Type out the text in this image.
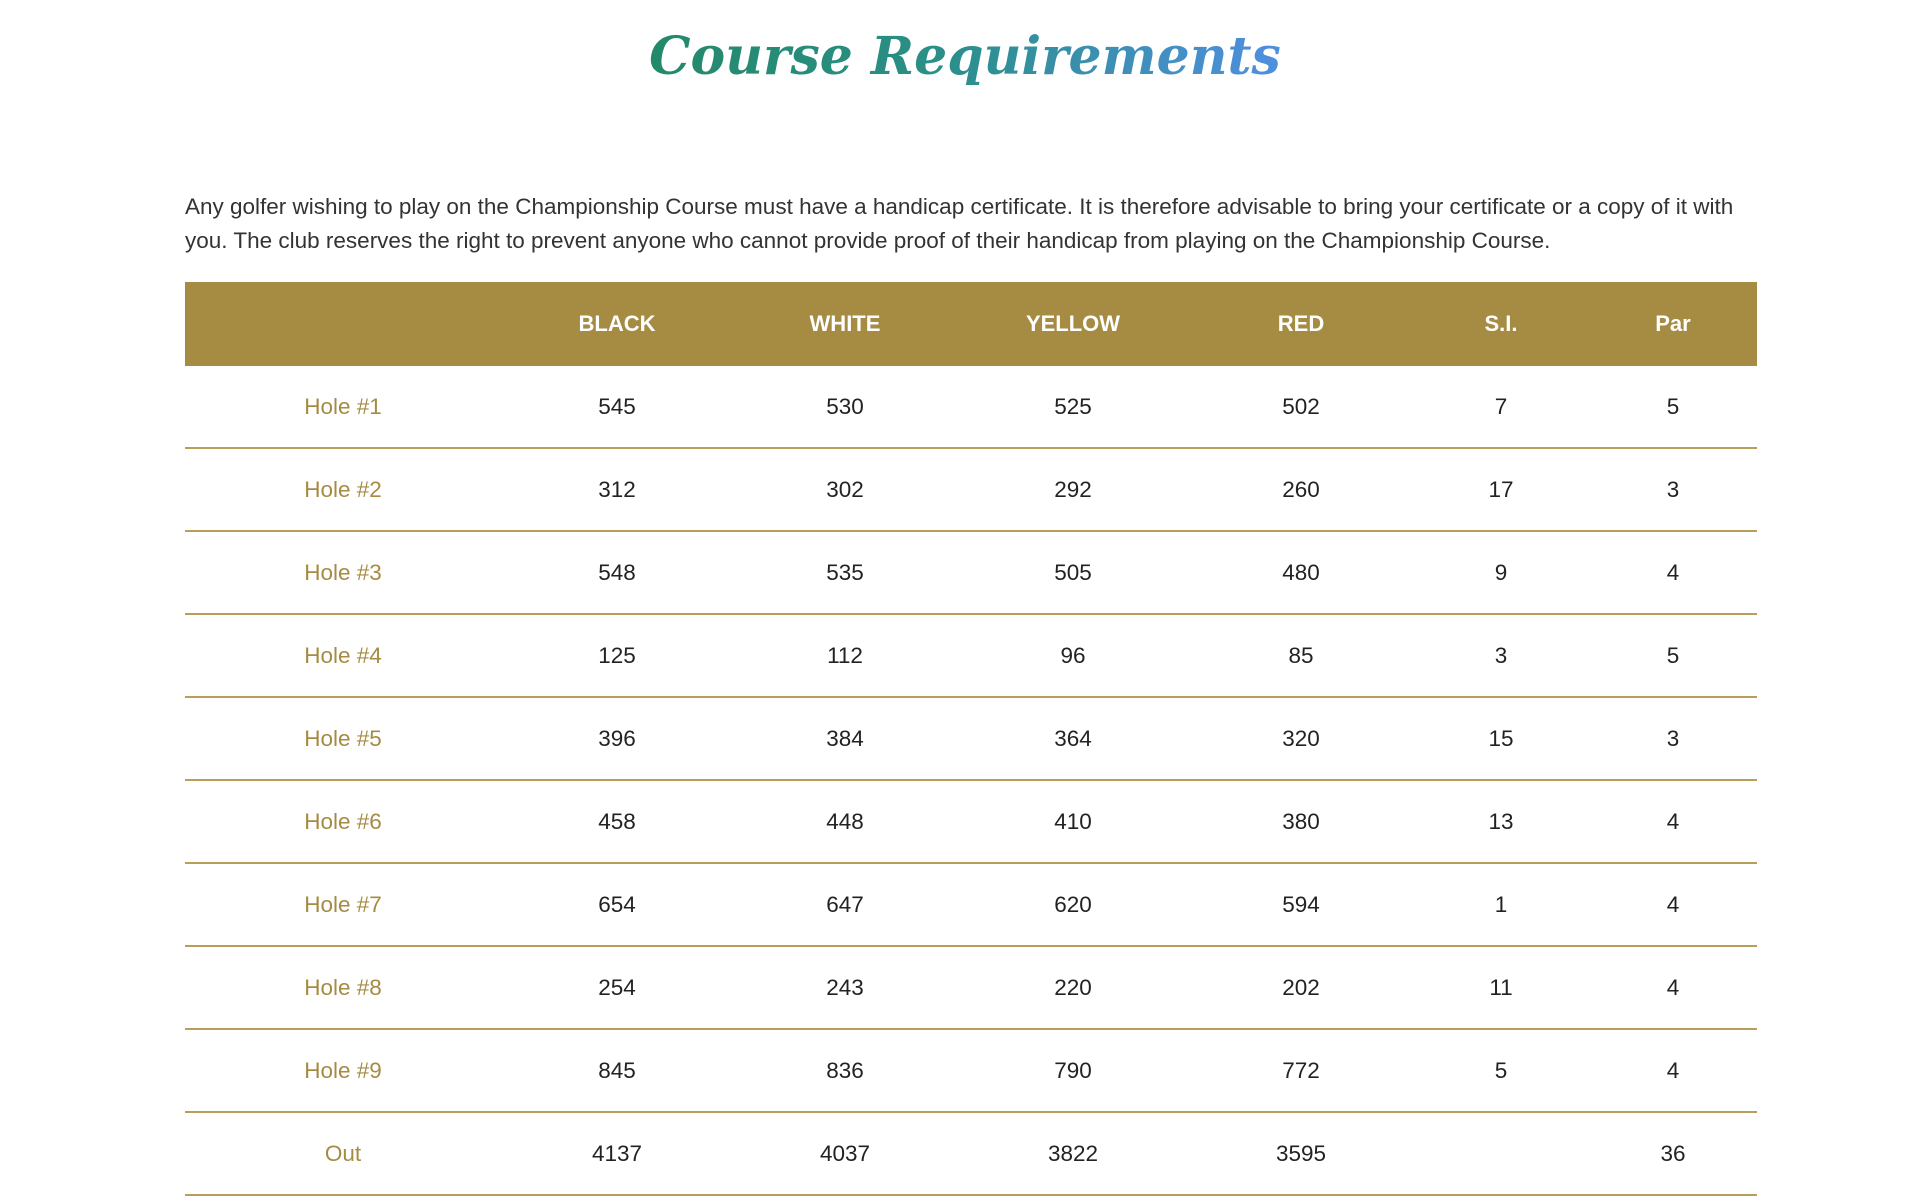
Course Requirements

Any golfer wishing to play on the Championship Course must have a handicap certificate. It is therefore advisable to bring your certificate or a copy of it with you. The club reserves the right to prevent anyone who cannot provide proof of their handicap from playing on the Championship Course.

	BLACK	WHITE	YELLOW	RED	S.I.	Par
Hole #1	545	530	525	502	7	5
Hole #2	312	302	292	260	17	3
Hole #3	548	535	505	480	9	4
Hole #4	125	112	96	85	3	5
Hole #5	396	384	364	320	15	3
Hole #6	458	448	410	380	13	4
Hole #7	654	647	620	594	1	4
Hole #8	254	243	220	202	11	4
Hole #9	845	836	790	772	5	4
Out	4137	4037	3822	3595		36
